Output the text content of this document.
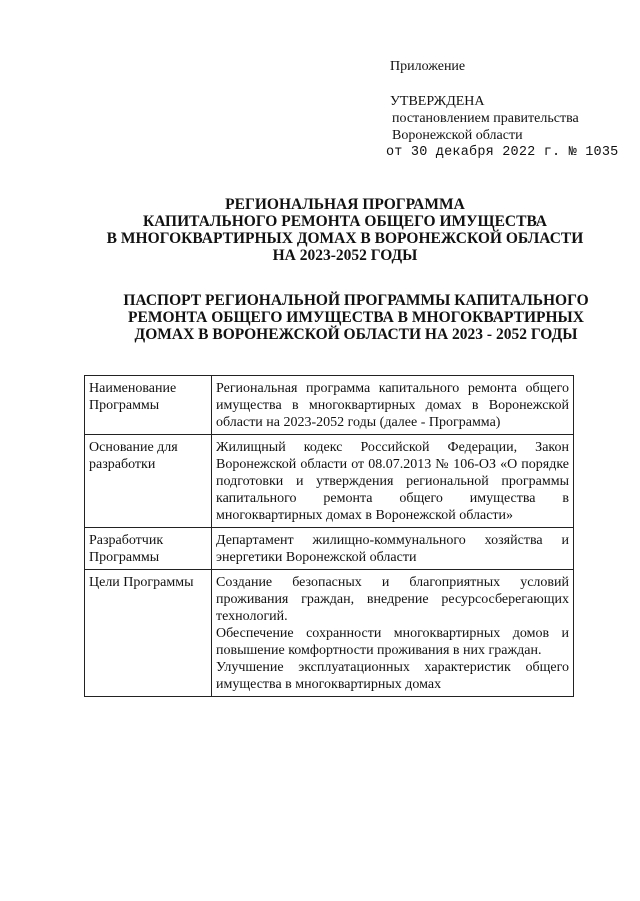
Приложение
УТВЕРЖДЕНА
постановлением правительства
Воронежской области
от 30 декабря 2022 г. № 1035
РЕГИОНАЛЬНАЯ ПРОГРАММА
КАПИТАЛЬНОГО РЕМОНТА ОБЩЕГО ИМУЩЕСТВА
В МНОГОКВАРТИРНЫХ ДОМАХ В ВОРОНЕЖСКОЙ ОБЛАСТИ
НА 2023-2052 ГОДЫ
ПАСПОРТ РЕГИОНАЛЬНОЙ ПРОГРАММЫ КАПИТАЛЬНОГО
РЕМОНТА ОБЩЕГО ИМУЩЕСТВА В МНОГОКВАРТИРНЫХ
ДОМАХ В ВОРОНЕЖСКОЙ ОБЛАСТИ НА 2023 - 2052 ГОДЫ
Наименование Программы	Региональная программа капитального ремонта общего имущества в многоквартирных домах в Воронежской области на 2023-2052 годы (далее - Программа)
Основание для разработки	Жилищный кодекс Российской Федерации, Закон Воронежской области от 08.07.2013 № 106-ОЗ «О порядке подготовки и утверждения региональной программы капитального ремонта общего имущества в многоквартирных домах в Воронежской области»
Разработчик Программы	Департамент жилищно-коммунального хозяйства и энергетики Воронежской области
Цели Программы	Создание безопасных и благоприятных условий проживания граждан, внедрение ресурсосберегающих технологий.

Обеспечение сохранности многоквартирных домов и повышение комфортности проживания в них граждан.

Улучшение эксплуатационных характеристик общего имущества в многоквартирных домах
